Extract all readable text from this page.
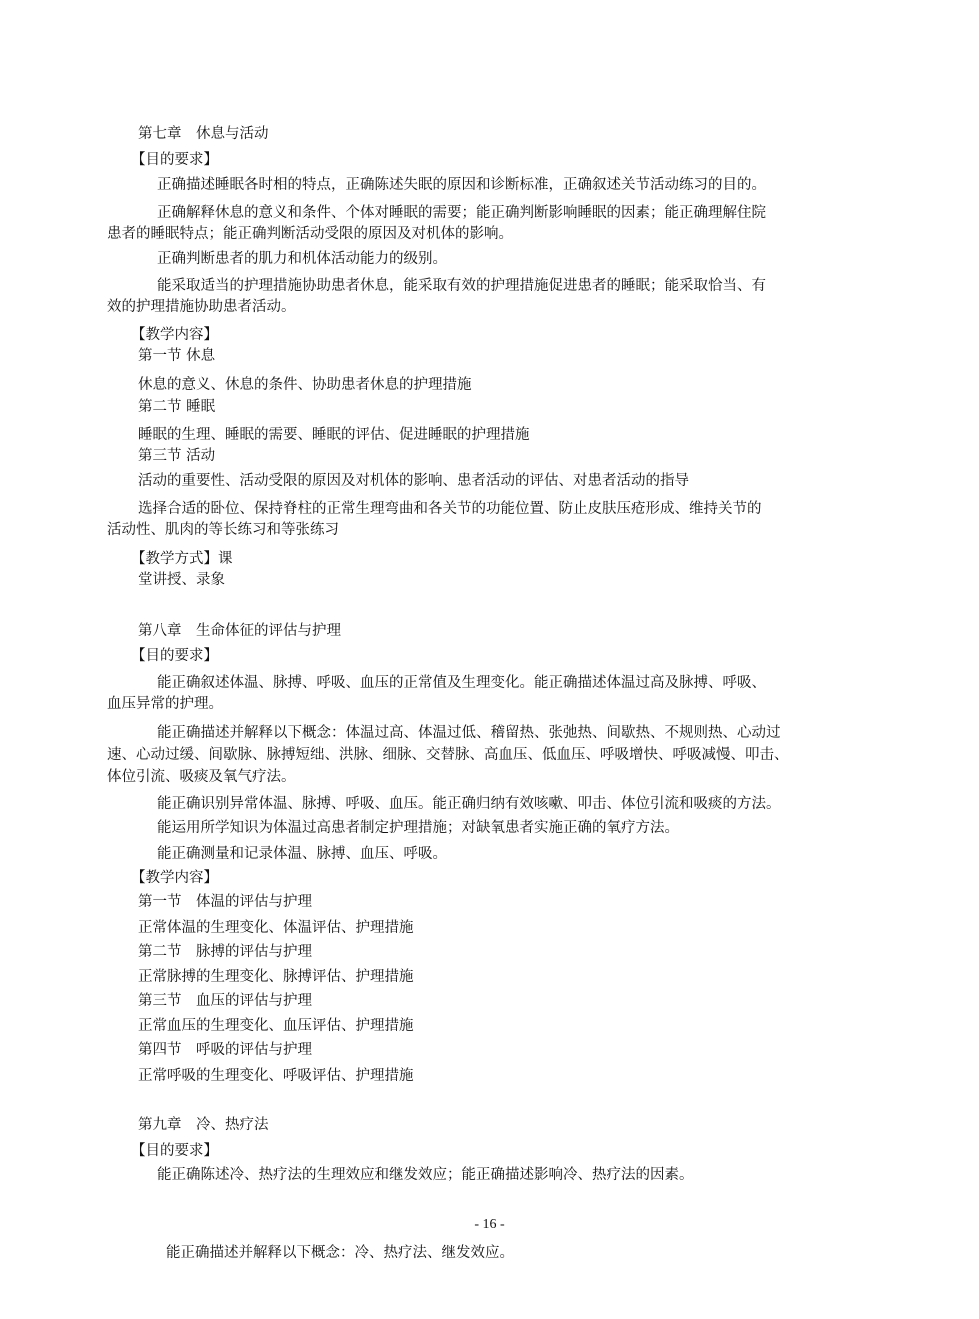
第七章　休息与活动
【目的要求】
正确描述睡眠各时相的特点，正确陈述失眠的原因和诊断标准，正确叙述关节活动练习的目的。
正确解释休息的意义和条件、个体对睡眠的需要；能正确判断影响睡眠的因素；能正确理解住院
患者的睡眠特点；能正确判断活动受限的原因及对机体的影响。
正确判断患者的肌力和机体活动能力的级别。
能采取适当的护理措施协助患者休息，能采取有效的护理措施促进患者的睡眠；能采取恰当、有
效的护理措施协助患者活动。
【教学内容】
第一节 休息
休息的意义、休息的条件、协助患者休息的护理措施
第二节 睡眠
睡眠的生理、睡眠的需要、睡眠的评估、促进睡眠的护理措施
第三节 活动
活动的重要性、活动受限的原因及对机体的影响、患者活动的评估、对患者活动的指导
选择合适的卧位、保持脊柱的正常生理弯曲和各关节的功能位置、防止皮肤压疮形成、维持关节的
活动性、肌肉的等长练习和等张练习
【教学方式】课
堂讲授、录象
第八章　生命体征的评估与护理
【目的要求】
能正确叙述体温、脉搏、呼吸、血压的正常值及生理变化。能正确描述体温过高及脉搏、呼吸、
血压异常的护理。
能正确描述并解释以下概念：体温过高、体温过低、稽留热、张弛热、间歇热、不规则热、心动过
速、心动过缓、间歇脉、脉搏短绌、洪脉、细脉、交替脉、高血压、低血压、呼吸增快、呼吸减慢、叩击、
体位引流、吸痰及氧气疗法。
能正确识别异常体温、脉搏、呼吸、血压。能正确归纳有效咳嗽、叩击、体位引流和吸痰的方法。
能运用所学知识为体温过高患者制定护理措施；对缺氧患者实施正确的氧疗方法。
能正确测量和记录体温、脉搏、血压、呼吸。
【教学内容】
第一节　体温的评估与护理
正常体温的生理变化、体温评估、护理措施
第二节　脉搏的评估与护理
正常脉搏的生理变化、脉搏评估、护理措施
第三节　血压的评估与护理
正常血压的生理变化、血压评估、护理措施
第四节　呼吸的评估与护理
正常呼吸的生理变化、呼吸评估、护理措施
第九章　冷、热疗法
【目的要求】
能正确陈述冷、热疗法的生理效应和继发效应；能正确描述影响冷、热疗法的因素。
- 16 -
能正确描述并解释以下概念：冷、热疗法、继发效应。
